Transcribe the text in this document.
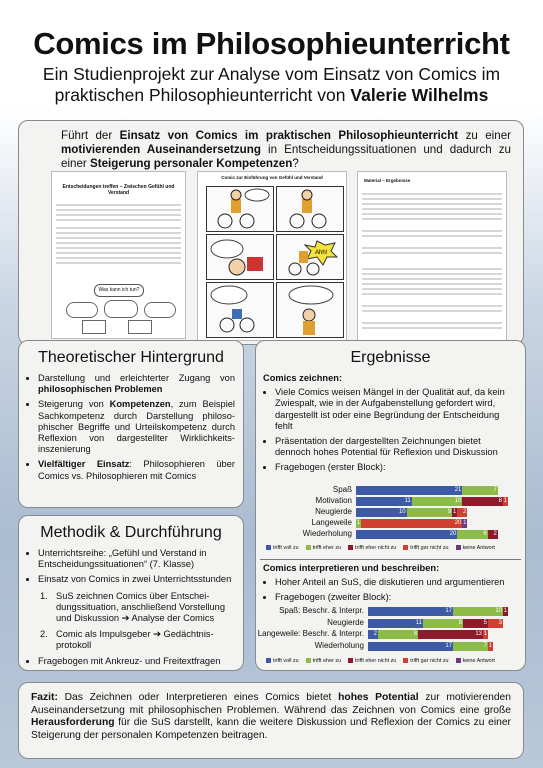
Comics im Philosophieunterricht
Ein Studienprojekt zur Analyse vom Einsatz von Comics im
praktischen Philosophieunterricht von Valerie Wilhelms
Führt der Einsatz von Comics im praktischen Philosophieunterricht zu einer motivierenden Auseinandersetzung in Entscheidungssituationen und dadurch zu einer Steigerung personaler Kompetenzen?
Entscheidungen treffen – Zwischen Gefühl und Verstand
Was kann ich tun?
Comic zur Einführung von Gefühl und Verstand
Ahh!
Material – Ergebnisse
Theoretischer Hintergrund
• Darstellung und erleichterter Zugang von philosophischen Problemen
• Steigerung von Kompetenzen, zum Beispiel Sachkompetenz durch Darstellung philosophischer Begriffe und Urteilskompetenz durch Reflexion von dargestellter Wirklichkeitsinszenierung
• Vielfältiger Einsatz: Philosophieren über Comics vs. Philosophieren mit Comics
Methodik & Durchführung
• Unterrichtsreihe: „Gefühl und Verstand in Entscheidungssituationen“ (7. Klasse)
• Einsatz von Comics in zwei Unterrichtsstunden
1. SuS zeichnen Comics über Entscheidungssituation, anschließend Vorstellung und Diskussion ➔ Analyse der Comics
2. Comic als Impulsgeber ➔ Gedächtnisprotokoll
• Fragebogen mit Ankreuz- und Freitextfragen
Ergebnisse
Comics zeichnen:
• Viele Comics weisen Mängel in der Qualität auf, da kein Zwiespalt, wie in der Aufgabenstellung gefordert wird, dargestellt ist oder eine Begründung der Entscheidung fehlt
• Präsentation der dargestellten Zeichnungen bietet dennoch hohes Potential für Reflexion und Diskussion
• Fragebogen (erster Block):
Spaß	21	7
Motivation	11	10	8 1
Neugierde	10	9 1	2
Langeweile 1	20 1
Wiederholung	20	6	2
trifft voll zu	trifft eher zu	trifft eher nicht zu	trifft gar nicht zu	keine Antwort
Comics interpretieren und beschreiben:
• Hoher Anteil an SuS, die diskutieren und argumentieren
• Fragebogen (zweiter Block):
Spaß: Beschr. & Interpr.	17	10 1
Neugierde	11	8	5	3
Langeweile: Beschr. & Interpr.	2	8	13 1
Wiederholung	17	7 1
trifft voll zu	trifft eher zu	trifft eher nicht zu	trifft gar nicht zu	keine Antwort
Fazit: Das Zeichnen oder Interpretieren eines Comics bietet hohes Potential zur motivierenden Auseinandersetzung mit philosophischen Problemen. Während das Zeichnen von Comics eine große Herausforderung für die SuS darstellt, kann die weitere Diskussion und Reflexion der Comics zu einer Steigerung der personalen Kompetenzen beitragen.
